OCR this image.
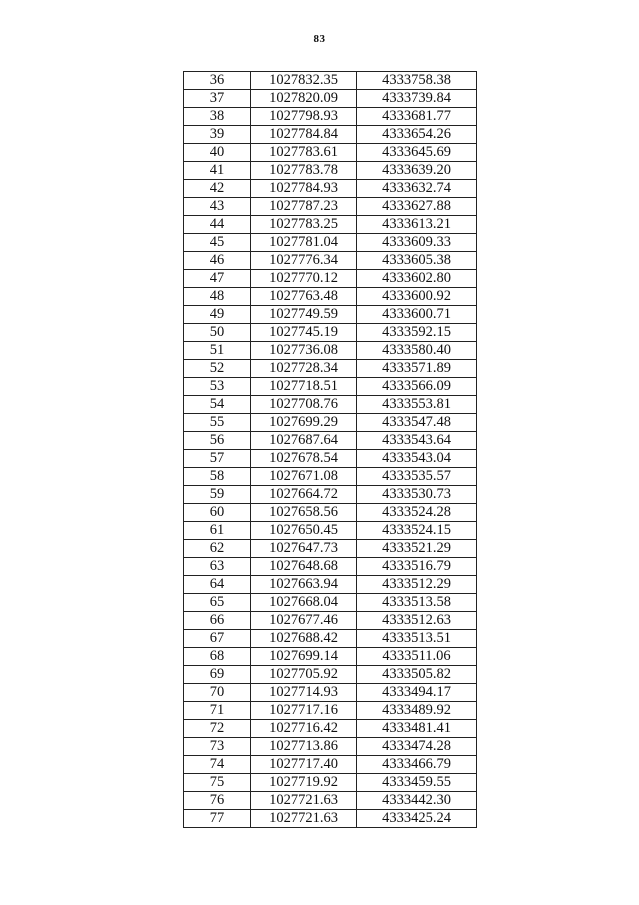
83
36	1027832.35	4333758.38
37	1027820.09	4333739.84
38	1027798.93	4333681.77
39	1027784.84	4333654.26
40	1027783.61	4333645.69
41	1027783.78	4333639.20
42	1027784.93	4333632.74
43	1027787.23	4333627.88
44	1027783.25	4333613.21
45	1027781.04	4333609.33
46	1027776.34	4333605.38
47	1027770.12	4333602.80
48	1027763.48	4333600.92
49	1027749.59	4333600.71
50	1027745.19	4333592.15
51	1027736.08	4333580.40
52	1027728.34	4333571.89
53	1027718.51	4333566.09
54	1027708.76	4333553.81
55	1027699.29	4333547.48
56	1027687.64	4333543.64
57	1027678.54	4333543.04
58	1027671.08	4333535.57
59	1027664.72	4333530.73
60	1027658.56	4333524.28
61	1027650.45	4333524.15
62	1027647.73	4333521.29
63	1027648.68	4333516.79
64	1027663.94	4333512.29
65	1027668.04	4333513.58
66	1027677.46	4333512.63
67	1027688.42	4333513.51
68	1027699.14	4333511.06
69	1027705.92	4333505.82
70	1027714.93	4333494.17
71	1027717.16	4333489.92
72	1027716.42	4333481.41
73	1027713.86	4333474.28
74	1027717.40	4333466.79
75	1027719.92	4333459.55
76	1027721.63	4333442.30
77	1027721.63	4333425.24
